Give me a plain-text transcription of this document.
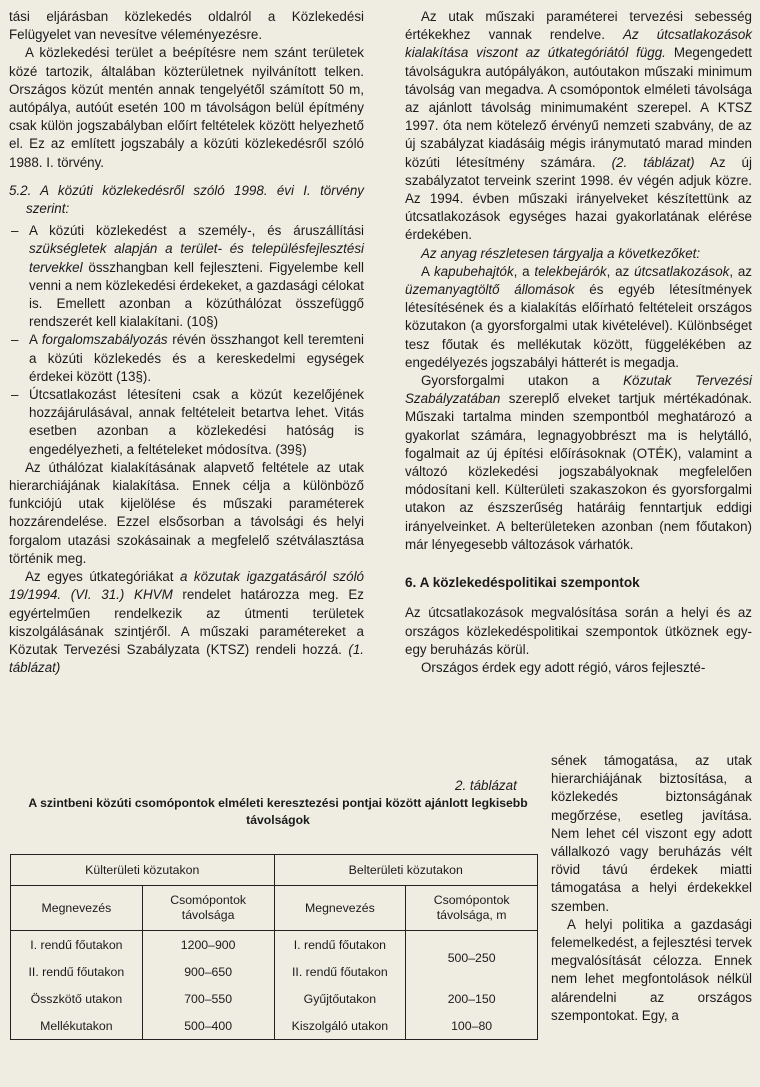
tási eljárásban közlekedés oldalról a Közlekedési Felügyelet van nevesítve véleményezésre.

A közlekedési terület a beépítésre nem szánt területek közé tartozik, általában közterületnek nyilvánított telken. Országos közút mentén annak tengelyétől számított 50 m, autópálya, autóút esetén 100 m távolságon belül építmény csak külön jogszabályban előírt feltételek között helyezhető el. Ez az említett jogszabály a közúti közlekedésről szóló 1988. I. törvény.

5.2. A közúti közlekedésről szóló 1998. évi I. törvény szerint:

– A közúti közlekedést a személy-, és áruszállítási szükségletek alapján a terület- és településfejlesztési tervekkel összhangban kell fejleszteni. Figyelembe kell venni a nem közlekedési érdekeket, a gazdasági célokat is. Emellett azonban a közúthálózat összefüggő rendszerét kell kialakítani. (10§)
– A forgalomszabályozás révén összhangot kell teremteni a közúti közlekedés és a kereskedelmi egységek érdekei között (13§).
– Útcsatlakozást létesíteni csak a közút kezelőjének hozzájárulásával, annak feltételeit betartva lehet. Vitás esetben azonban a közlekedési hatóság is engedélyezheti, a feltételeket módosítva. (39§)

Az úthálózat kialakításának alapvető feltétele az utak hierarchiájának kialakítása. Ennek célja a különböző funkciójú utak kijelölése és műszaki paraméterek hozzárendelése. Ezzel elsősorban a távolsági és helyi forgalom utazási szokásainak a megfelelő szétválasztása történik meg.

Az egyes útkategóriákat a közutak igazgatásáról szóló 19/1994. (VI. 31.) KHVM rendelet határozza meg. Ez egyértelműen rendelkezik az útmenti területek kiszolgálásának szintjéről. A műszaki paramétereket a Közutak Tervezési Szabályzata (KTSZ) rendeli hozzá. (1. táblázat)

Az utak műszaki paraméterei tervezési sebesség értékekhez vannak rendelve. Az útcsatlakozások kialakítása viszont az útkategóriától függ. Megengedett távolságukra autópályákon, autóutakon műszaki minimum távolság van megadva. A csomópontok elméleti távolsága az ajánlott távolság minimumaként szerepel. A KTSZ 1997. óta nem kötelező érvényű nemzeti szabvány, de az új szabályzat kiadásáig mégis iránymutató marad minden közúti létesítmény számára. (2. táblázat) Az új szabályzatot terveink szerint 1998. év végén adjuk közre. Az 1994. évben műszaki irányelveket készítettünk az útcsatlakozások egységes hazai gyakorlatának elérése érdekében.

Az anyag részletesen tárgyalja a következőket:

A kapubehajtók, a telekbejárók, az útcsatlakozások, az üzemanyagtöltő állomások és egyéb létesítmények létesítésének és a kialakítás előírható feltételeit országos közutakon (a gyorsforgalmi utak kivételével). Különbséget tesz főutak és mellékutak között, függelékében az engedélyezés jogszabályi hátterét is megadja.

Gyorsforgalmi utakon a Közutak Tervezési Szabályzatában szereplő elveket tartjuk mértékadónak. Műszaki tartalma minden szempontból meghatározó a gyakorlat számára, legnagyobbrészt ma is helytálló, fogalmait az új építési előírásoknak (OTÉK), valamint a változó közlekedési jogszabályoknak megfelelően módosítani kell. Külterületi szakaszokon és gyorsforgalmi utakon az észszerűség határáig fenntartjuk eddigi irányelveinket. A belterületeken azonban (nem főutakon) már lényegesebb változások várhatók.

6. A közlekedéspolitikai szempontok

Az útcsatlakozások megvalósítása során a helyi és az országos közlekedéspolitikai szempontok ütköznek egy-egy beruházás körül.

Országos érdek egy adott régió, város fejleszté-

sének támogatása, az utak hierarchiájának biztosítása, a közlekedés biztonságának megőrzése, esetleg javítása. Nem lehet cél viszont egy adott vállalkozó vagy beruházás vélt rövid távú érdekek miatti támogatása a helyi érdekekkel szemben.

A helyi politika a gazdasági felemelkedést, a fejlesztési tervek megvalósítását célozza. Ennek nem lehet megfontolások nélkül alárendelni az országos szempontokat. Egy, a

2. táblázat
A szintbeni közúti csomópontok elméleti keresztezési pontjai között ajánlott legkisebb távolságok
Külterületi közutakon		Belterületi közutakon	
Megnevezés	Csomópontok távolsága	Megnevezés	Csomópontok távolsága, m
I. rendű főutakon	1200–900	I. rendű főutakon	500–250
II. rendű főutakon	900–650	II. rendű főutakon	
Összkötő utakon	700–550	Gyűjtőutakon	200–150
Mellékutakon	500–400	Kiszolgáló utakon	100–80
